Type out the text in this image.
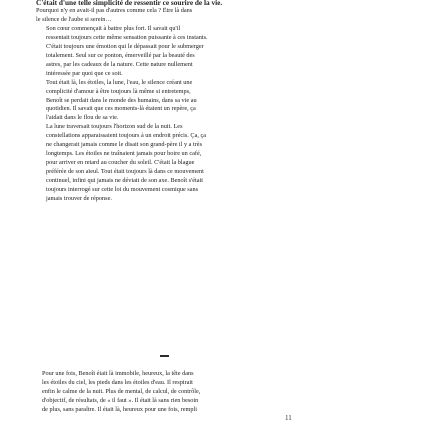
C'était d'une telle simplicité de ressentir ce sourire de la vie.

Pourquoi n'y en avait-il pas d'autres comme cela ? Être là dans
le silence de l'aube si serein…

Son cœur commençait à battre plus fort. Il savait qu'il
ressentait toujours cette même sensation puissante à ces instants.
C'était toujours une émotion qui le dépassait pour le submerger
totalement. Seul sur ce ponton, émerveillé par la beauté des
astres, par les cadeaux de la nature. Cette nature nullement
intéressée par quoi que ce soit.

Tout était là, les étoiles, la lune, l'eau, le silence créant une
complicité d'amour à être toujours là même si entretemps,
Benoît se perdait dans le monde des humains, dans sa vie au
quotidien. Il savait que ces moments-là étaient un repère, ça
l'aidait dans le flou de sa vie.

La lune traversait toujours l'horizon sud de la nuit. Les
constellations apparaissaient toujours à un endroit précis. Ça, ça
ne changerait jamais comme le disait son grand-père il y a très
longtemps. Les étoiles ne traînaient jamais pour boire un café,
pour arriver en retard au coucher du soleil. C'était la blague
préférée de son aïeul. Tout était toujours là dans ce mouvement
continuel, infini qui jamais ne déviait de son axe. Benoît s'était
toujours interrogé sur cette loi du mouvement cosmique sans
jamais trouver de réponse.

Pour une fois, Benoît était là immobile, heureux, la tête dans
les étoiles du ciel, les pieds dans les étoiles d'eau. Il respirait
enfin le calme de la nuit. Plus de mental, de calcul, de contrôle,
d'objectif, de résultats, de « il faut ». Il était là sans rien besoin
de plus, sans paraître. Il était là, heureux pour une fois, rempli

11
